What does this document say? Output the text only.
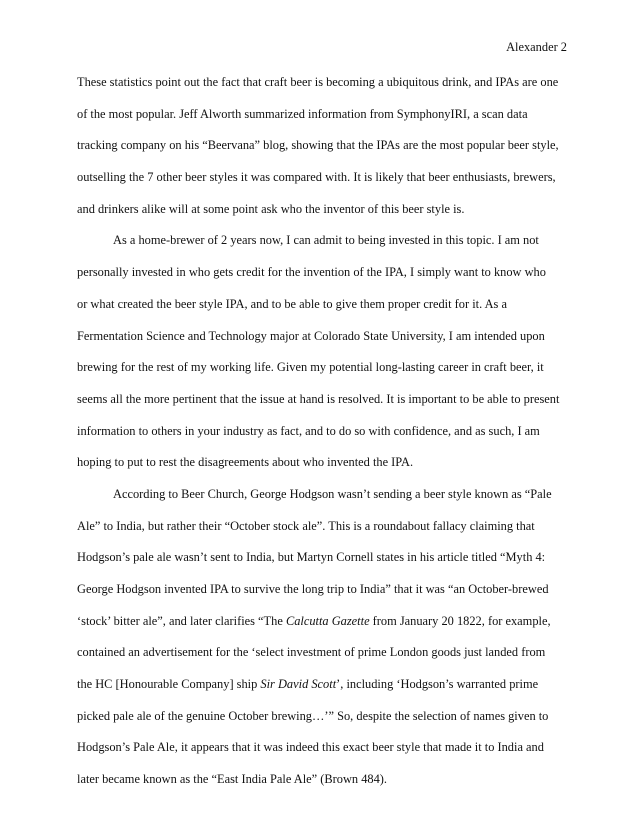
Alexander 2
These statistics point out the fact that craft beer is becoming a ubiquitous drink, and IPAs are one
of the most popular. Jeff Alworth summarized information from SymphonyIRI, a scan data
tracking company on his “Beervana” blog, showing that the IPAs are the most popular beer style,
outselling the 7 other beer styles it was compared with. It is likely that beer enthusiasts, brewers,
and drinkers alike will at some point ask who the inventor of this beer style is.
As a home-brewer of 2 years now, I can admit to being invested in this topic. I am not
personally invested in who gets credit for the invention of the IPA, I simply want to know who
or what created the beer style IPA, and to be able to give them proper credit for it. As a
Fermentation Science and Technology major at Colorado State University, I am intended upon
brewing for the rest of my working life. Given my potential long-lasting career in craft beer, it
seems all the more pertinent that the issue at hand is resolved. It is important to be able to present
information to others in your industry as fact, and to do so with confidence, and as such, I am
hoping to put to rest the disagreements about who invented the IPA.
According to Beer Church, George Hodgson wasn’t sending a beer style known as “Pale
Ale” to India, but rather their “October stock ale”. This is a roundabout fallacy claiming that
Hodgson’s pale ale wasn’t sent to India, but Martyn Cornell states in his article titled “Myth 4:
George Hodgson invented IPA to survive the long trip to India” that it was “an October-brewed
‘stock’ bitter ale”, and later clarifies “The Calcutta Gazette from January 20 1822, for example,
contained an advertisement for the ‘select investment of prime London goods just landed from
the HC [Honourable Company] ship Sir David Scott’, including ‘Hodgson’s warranted prime
picked pale ale of the genuine October brewing…’” So, despite the selection of names given to
Hodgson’s Pale Ale, it appears that it was indeed this exact beer style that made it to India and
later became known as the “East India Pale Ale” (Brown 484).
